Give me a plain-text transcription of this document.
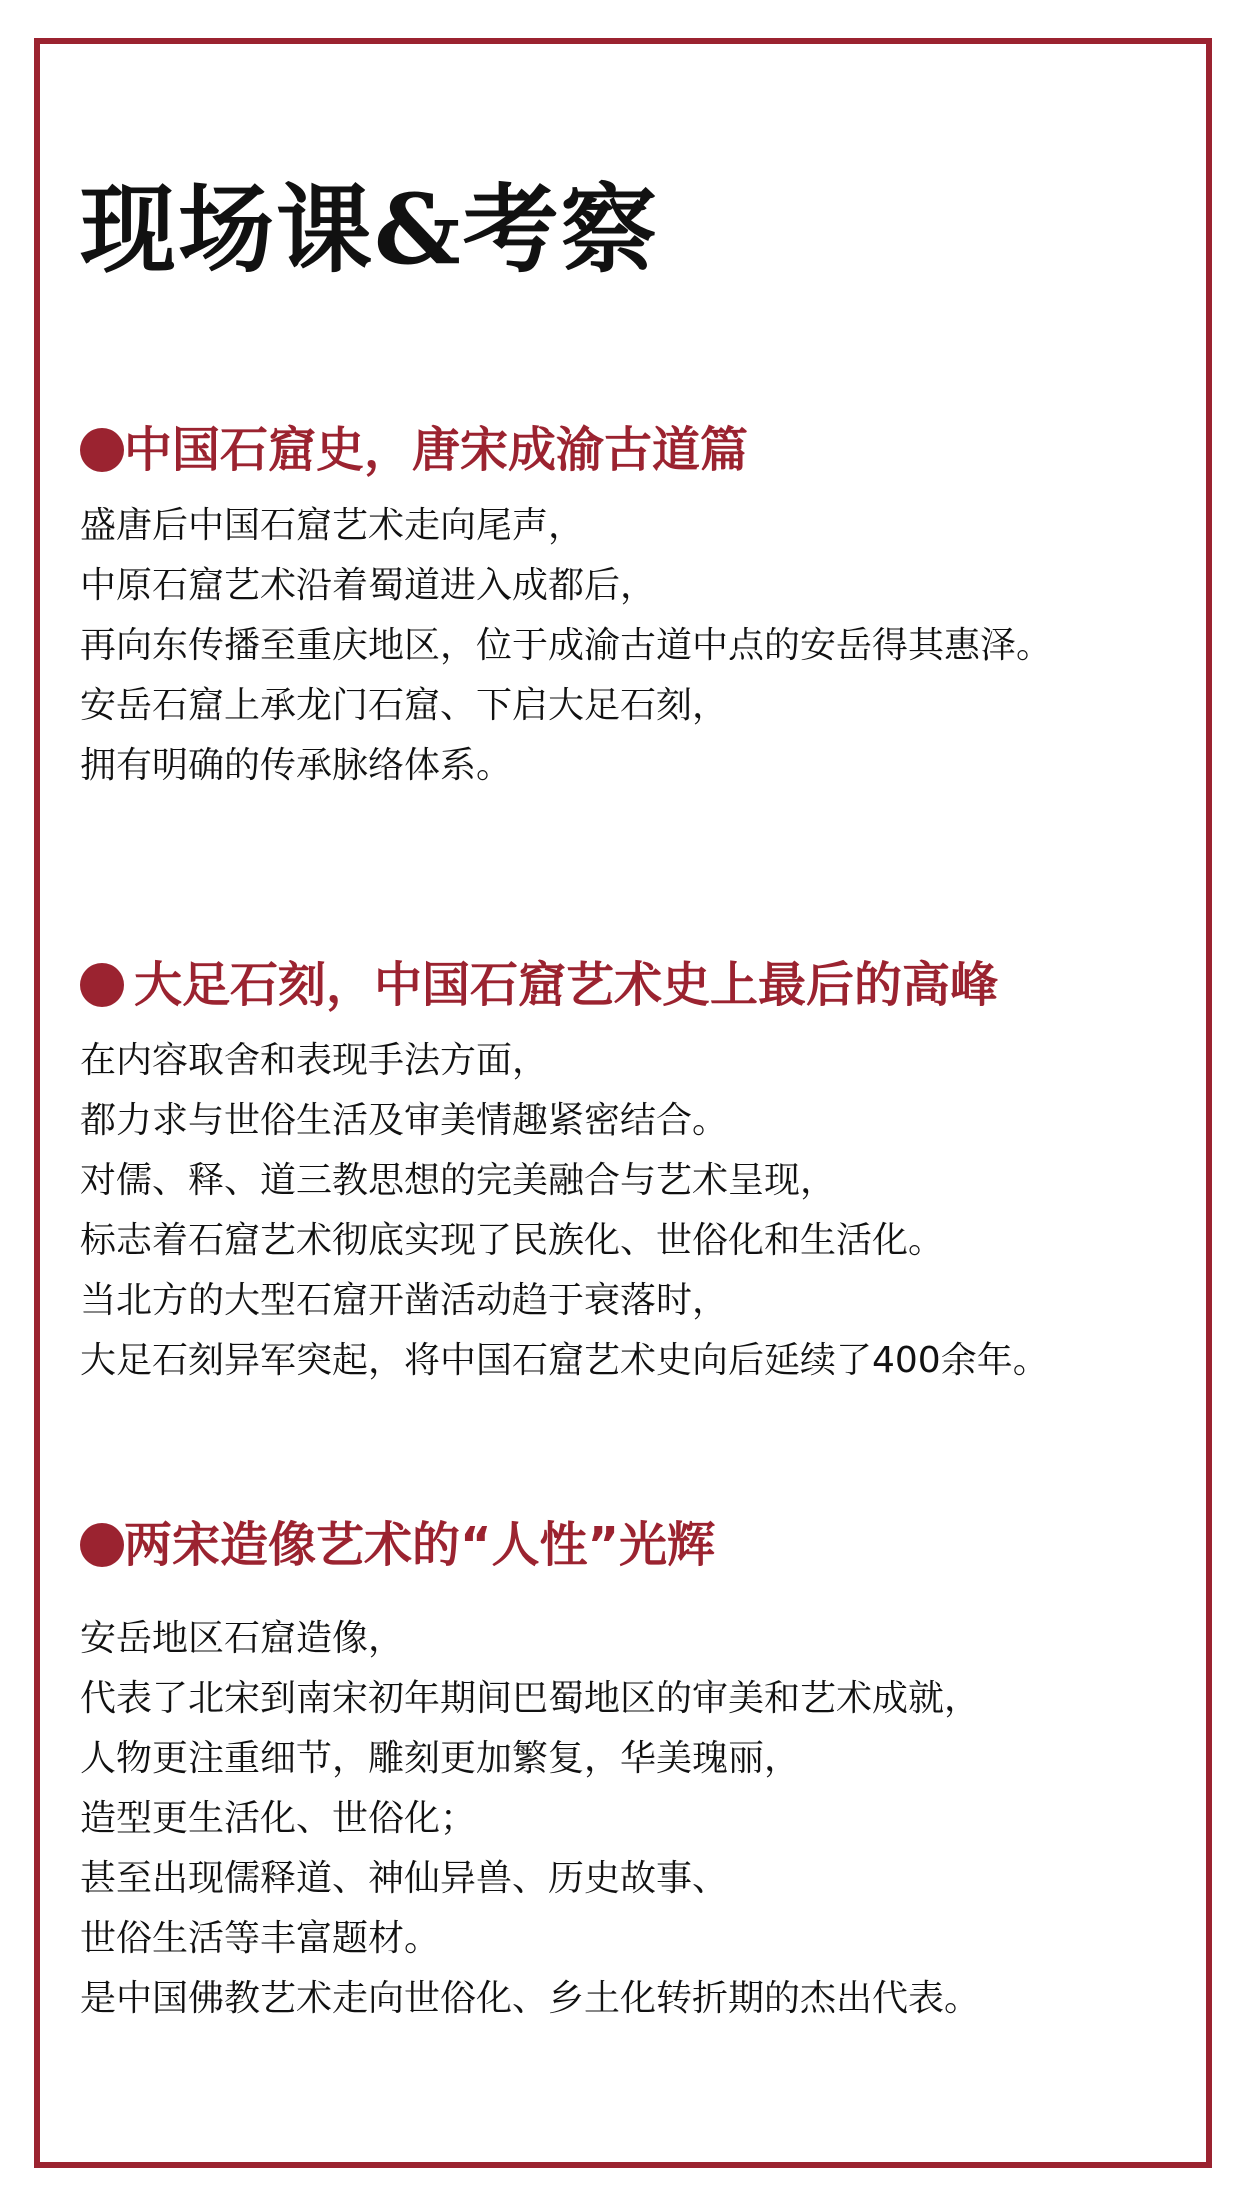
现场课&考察
中国石窟史，唐宋成渝古道篇
盛唐后中国石窟艺术走向尾声，
中原石窟艺术沿着蜀道进入成都后，
再向东传播至重庆地区，位于成渝古道中点的安岳得其惠泽。
安岳石窟上承龙门石窟、下启大足石刻，
拥有明确的传承脉络体系。
大足石刻，中国石窟艺术史上最后的高峰
在内容取舍和表现手法方面，
都力求与世俗生活及审美情趣紧密结合。
对儒、释、道三教思想的完美融合与艺术呈现，
标志着石窟艺术彻底实现了民族化、世俗化和生活化。
当北方的大型石窟开凿活动趋于衰落时，
大足石刻异军突起，将中国石窟艺术史向后延续了400余年。
两宋造像艺术的“人性”光辉
安岳地区石窟造像，
代表了北宋到南宋初年期间巴蜀地区的审美和艺术成就，
人物更注重细节，雕刻更加繁复，华美瑰丽，
造型更生活化、世俗化；
甚至出现儒释道、神仙异兽、历史故事、
世俗生活等丰富题材。
是中国佛教艺术走向世俗化、乡土化转折期的杰出代表。
